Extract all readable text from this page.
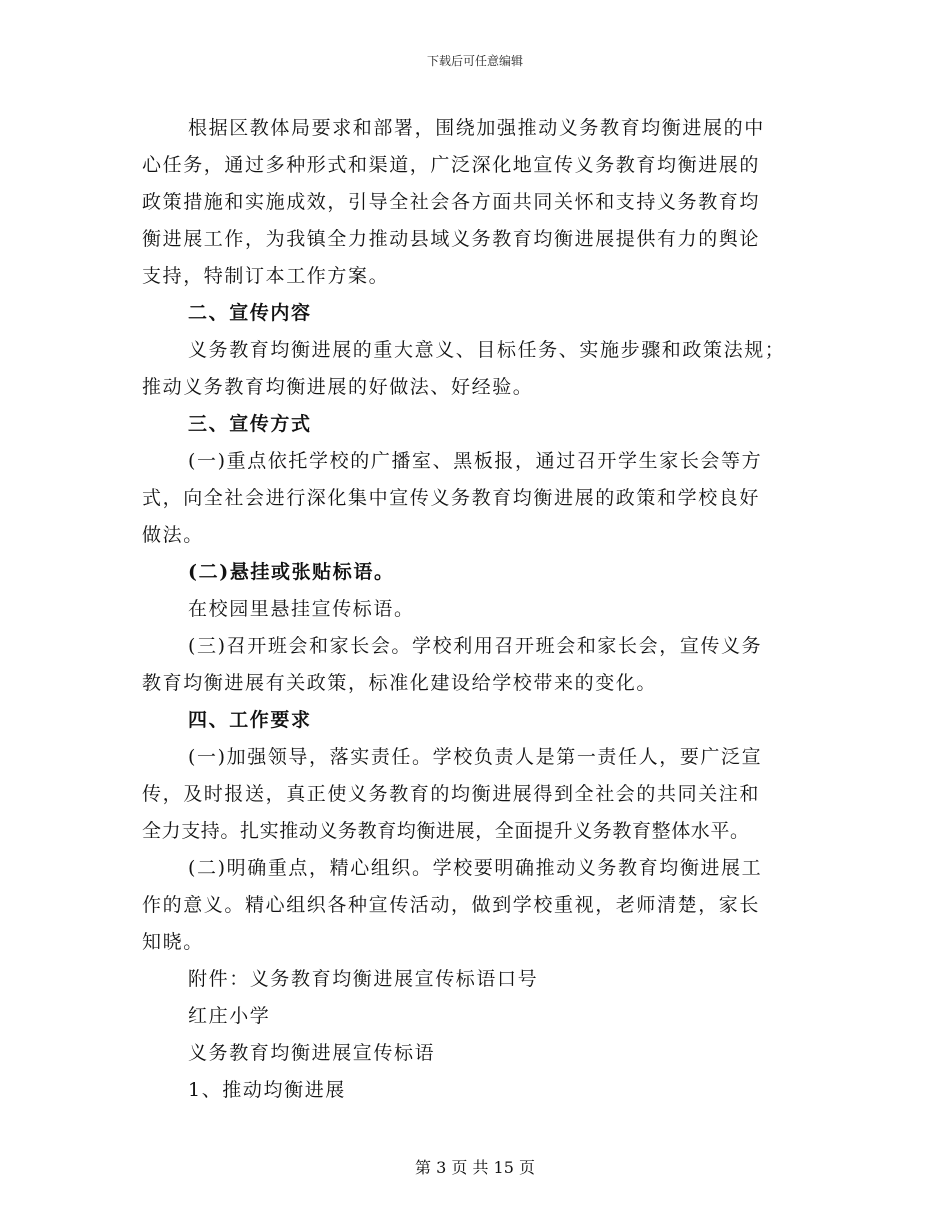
下载后可任意编辑

根据区教体局要求和部署，围绕加强推动义务教育均衡进展的中
心任务，通过多种形式和渠道，广泛深化地宣传义务教育均衡进展的
政策措施和实施成效，引导全社会各方面共同关怀和支持义务教育均
衡进展工作，为我镇全力推动县域义务教育均衡进展提供有力的舆论
支持，特制订本工作方案。

二、宣传内容

义务教育均衡进展的重大意义、目标任务、实施步骤和政策法规；
推动义务教育均衡进展的好做法、好经验。

三、宣传方式

(一)重点依托学校的广播室、黑板报，通过召开学生家长会等方
式，向全社会进行深化集中宣传义务教育均衡进展的政策和学校良好
做法。

(二)悬挂或张贴标语。

在校园里悬挂宣传标语。

(三)召开班会和家长会。学校利用召开班会和家长会，宣传义务
教育均衡进展有关政策，标准化建设给学校带来的变化。

四、工作要求

(一)加强领导，落实责任。学校负责人是第一责任人，要广泛宣
传，及时报送，真正使义务教育的均衡进展得到全社会的共同关注和
全力支持。扎实推动义务教育均衡进展，全面提升义务教育整体水平。

(二)明确重点，精心组织。学校要明确推动义务教育均衡进展工
作的意义。精心组织各种宣传活动，做到学校重视，老师清楚，家长
知晓。

附件：义务教育均衡进展宣传标语口号

红庄小学

义务教育均衡进展宣传标语

1、推动均衡进展

第 3 页 共 15 页
